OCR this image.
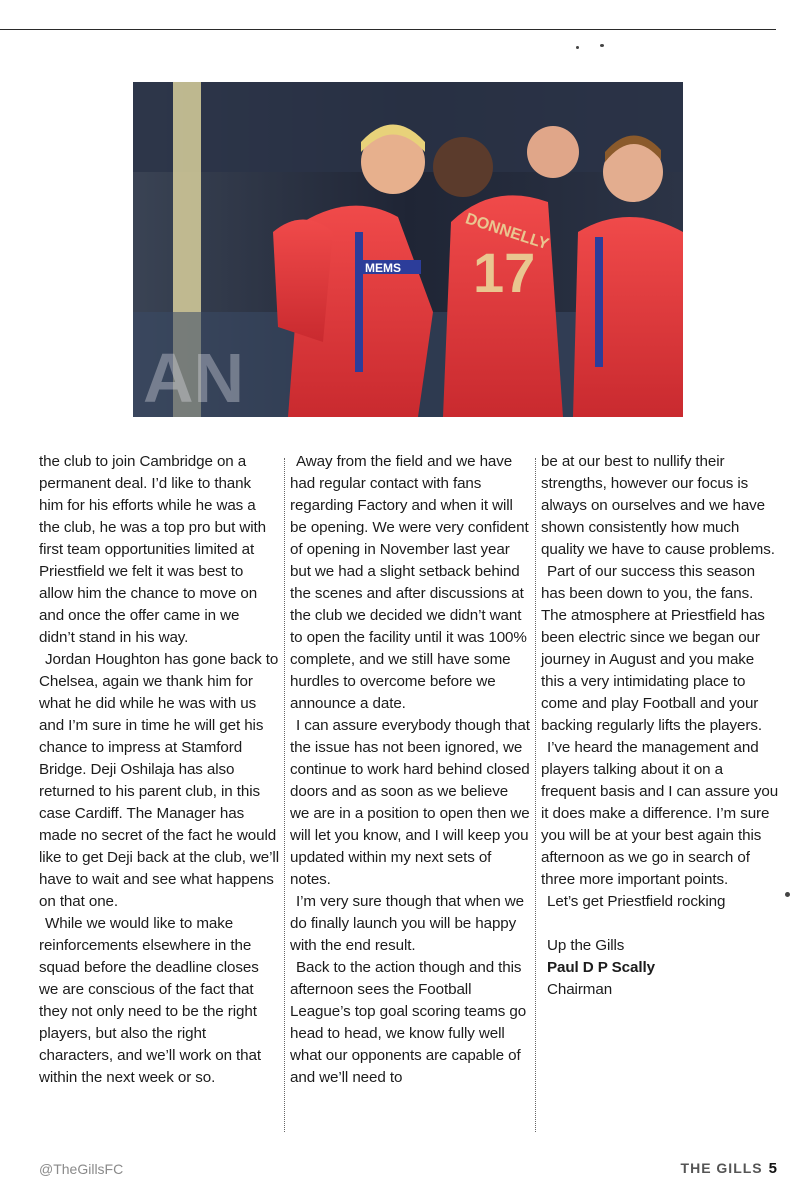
AN
17
DONNELLY
MEMS

the club to join Cambridge on a permanent deal. I’d like to thank him for his efforts while he was a the club, he was a top pro but with first team opportunities limited at Priestfield we felt it was best to allow him the chance to move on and once the offer came in we didn’t stand in his way.

Jordan Houghton has gone back to Chelsea, again we thank him for what he did while he was with us and I’m sure in time he will get his chance to impress at Stamford Bridge. Deji Oshilaja has also returned to his parent club, in this case Cardiff. The Manager has made no secret of the fact he would like to get Deji back at the club, we’ll have to wait and see what happens on that one.

While we would like to make reinforcements elsewhere in the squad before the deadline closes we are conscious of the fact that they not only need to be the right players, but also the right characters, and we’ll work on that within the next week or so.

Away from the field and we have had regular contact with fans regarding Factory and when it will be opening. We were very confident of opening in November last year but we had a slight setback behind the scenes and after discussions at the club we decided we didn’t want to open the facility until it was 100% complete, and we still have some hurdles to overcome before we announce a date.

I can assure everybody though that the issue has not been ignored, we continue to work hard behind closed doors and as soon as we believe we are in a position to open then we will let you know, and I will keep you updated within my next sets of notes.

I’m very sure though that when we do finally launch you will be happy with the end result.

Back to the action though and this afternoon sees the Football League’s top goal scoring teams go head to head, we know fully well what our opponents are capable of and we’ll need to

be at our best to nullify their strengths, however our focus is always on ourselves and we have shown consistently how much quality we have to cause problems.

Part of our success this season has been down to you, the fans. The atmosphere at Priestfield has been electric since we began our journey in August and you make this a very intimidating place to come and play Football and your backing regularly lifts the players.

I’ve heard the management and players talking about it on a frequent basis and I can assure you it does make a difference. I’m sure you will be at your best again this afternoon as we go in search of three more important points.

Let’s get Priestfield rocking

Up the Gills

Paul D P Scally

Chairman

@TheGillsFC	THE GILLS 5
